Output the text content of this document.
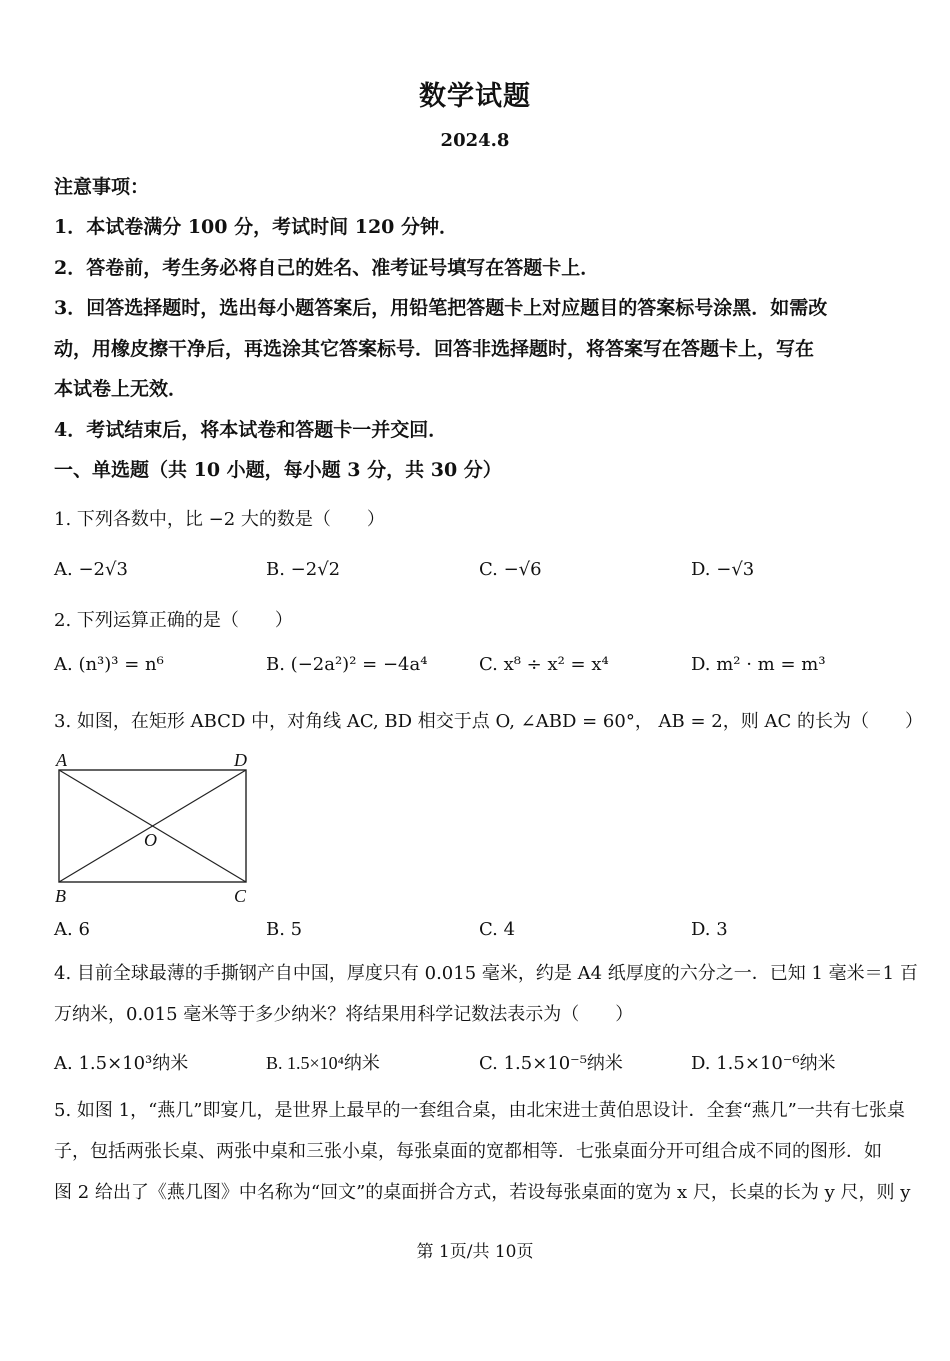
数学试题
2024.8
注意事项：
1．本试卷满分 100 分，考试时间 120 分钟．
2．答卷前，考生务必将自己的姓名、准考证号填写在答题卡上．
3．回答选择题时，选出每小题答案后，用铅笔把答题卡上对应题目的答案标号涂黑．如需改
动，用橡皮擦干净后，再选涂其它答案标号．回答非选择题时，将答案写在答题卡上，写在
本试卷上无效．
4．考试结束后，将本试卷和答题卡一并交回．
一、单选题（共 10 小题，每小题 3 分，共 30 分）
1. 下列各数中，比 −2 大的数是（　　）
A. −2√3	B. −2√2	C. −√6	D. −√3
2. 下列运算正确的是（　　）
A. (n³)³ = n⁶	B. (−2a²)² = −4a⁴	C. x⁸ ÷ x² = x⁴	D. m² · m = m³
3. 如图，在矩形 ABCD 中，对角线 AC, BD 相交于点 O, ∠ABD = 60°， AB = 2，则 AC 的长为（　　）
A	D
B	C
O
A. 6	B. 5	C. 4	D. 3
4. 目前全球最薄的手撕钢产自中国，厚度只有 0.015 毫米，约是 A4 纸厚度的六分之一．已知 1 毫米＝1 百
万纳米，0.015 毫米等于多少纳米？将结果用科学记数法表示为（　　）
A. 1.5×10³纳米	B. 1.5×10⁴纳米	C. 1.5×10⁻⁵纳米	D. 1.5×10⁻⁶纳米
5. 如图 1，“燕几”即宴几，是世界上最早的一套组合桌，由北宋进士黄伯思设计．全套“燕几”一共有七张桌
子，包括两张长桌、两张中桌和三张小桌，每张桌面的宽都相等．七张桌面分开可组合成不同的图形．如
图 2 给出了《燕几图》中名称为“回文”的桌面拼合方式，若设每张桌面的宽为 x 尺，长桌的长为 y 尺，则 y
第 1页/共 10页
